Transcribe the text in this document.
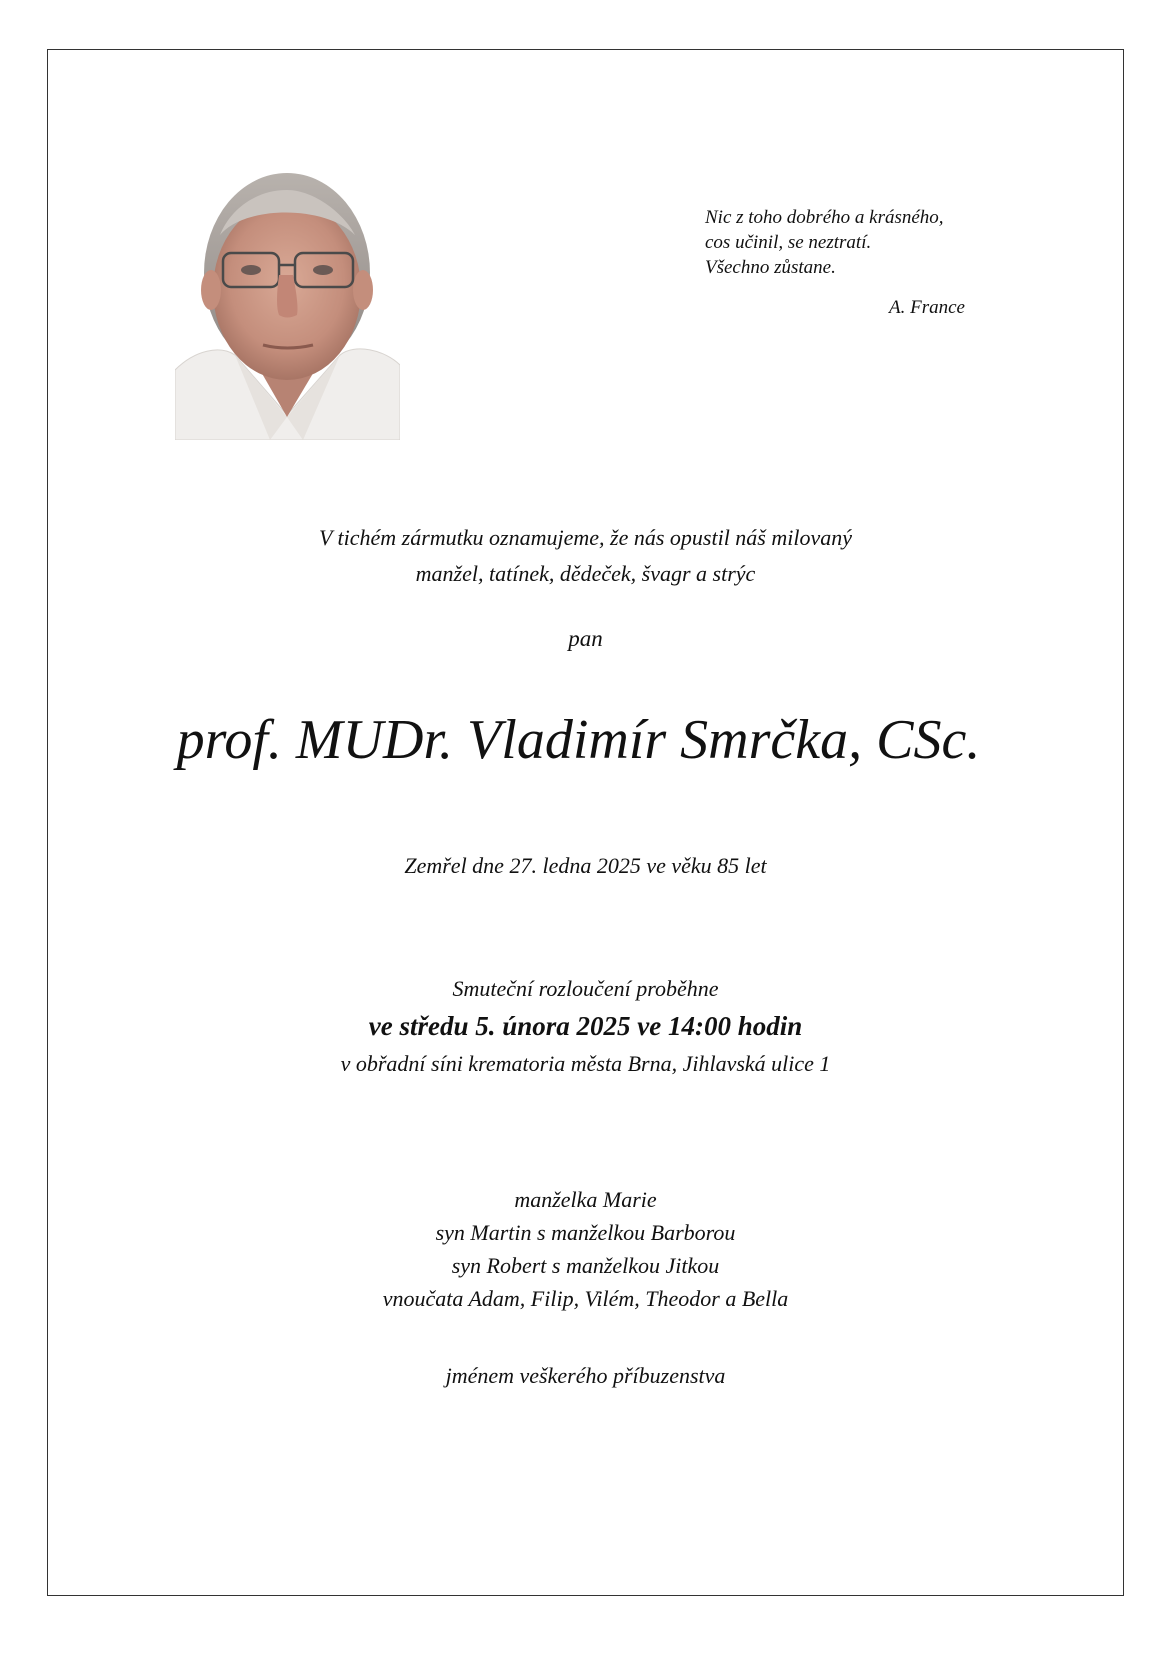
Nic z toho dobrého a krásného,
cos učinil, se neztratí.
Všechno zůstane.
A. France
V tichém zármutku oznamujeme, že nás opustil náš milovaný
manžel, tatínek, dědeček, švagr a strýc
pan
prof. MUDr. Vladimír Smrčka, CSc.
Zemřel dne 27. ledna 2025 ve věku 85 let
Smuteční rozloučení proběhne
ve středu 5. února 2025 ve 14:00 hodin
v obřadní síni krematoria města Brna, Jihlavská ulice 1
manželka Marie
syn Martin s manželkou Barborou
syn Robert s manželkou Jitkou
vnoučata Adam, Filip, Vilém, Theodor a Bella
jménem veškerého příbuzenstva
